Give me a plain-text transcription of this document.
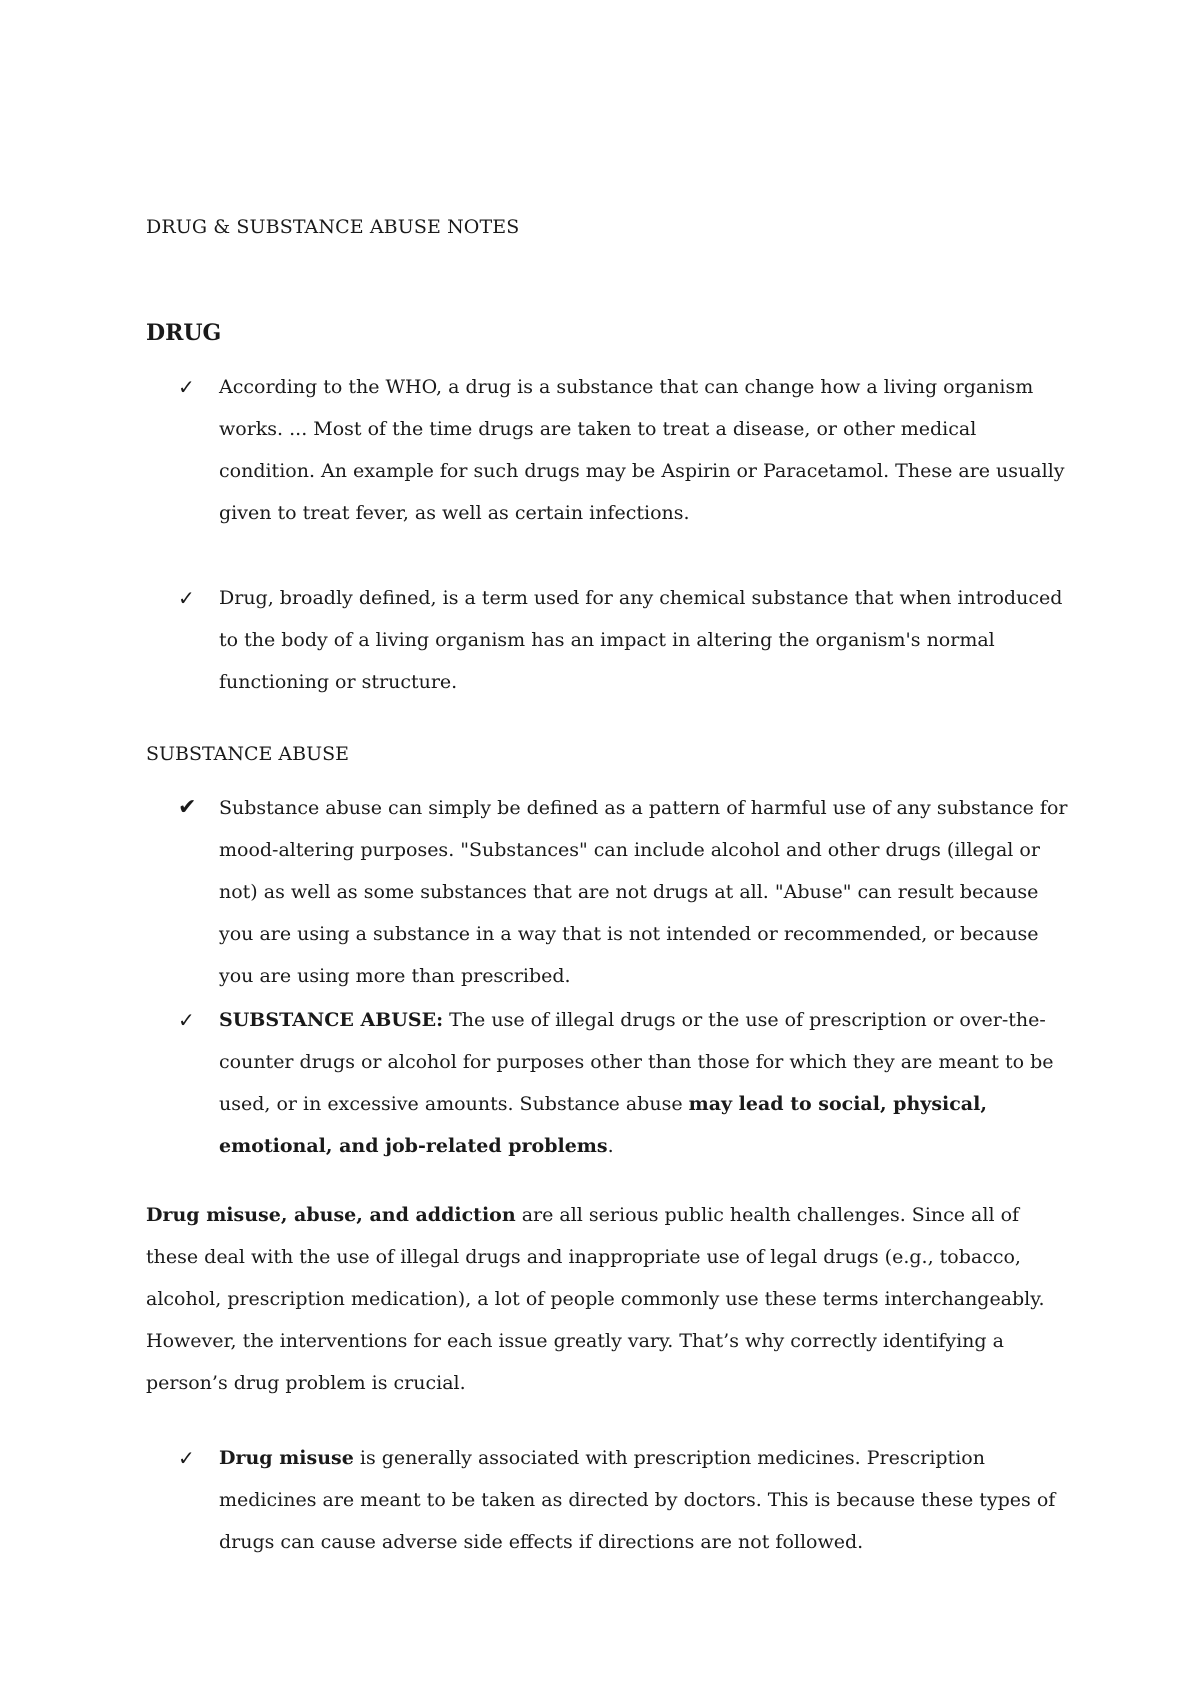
DRUG & SUBSTANCE ABUSE NOTES
DRUG
✓	According to the WHO, a drug is a substance that can change how a living organism works. ... Most of the time drugs are taken to treat a disease, or other medical condition. An example for such drugs may be Aspirin or Paracetamol. These are usually given to treat fever, as well as certain infections.
✓	Drug, broadly defined, is a term used for any chemical substance that when introduced to the body of a living organism has an impact in altering the organism's normal functioning or structure.
SUBSTANCE ABUSE
✔ Substance abuse can simply be defined as a pattern of harmful use of any substance for mood-altering purposes. "Substances" can include alcohol and other drugs (illegal or not) as well as some substances that are not drugs at all. "Abuse" can result because you are using a substance in a way that is not intended or recommended, or because you are using more than prescribed.
✓	SUBSTANCE ABUSE: The use of illegal drugs or the use of prescription or over-the-counter drugs or alcohol for purposes other than those for which they are meant to be used, or in excessive amounts. Substance abuse may lead to social, physical, emotional, and job-related problems.
Drug misuse, abuse, and addiction are all serious public health challenges. Since all of these deal with the use of illegal drugs and inappropriate use of legal drugs (e.g., tobacco, alcohol, prescription medication), a lot of people commonly use these terms interchangeably. However, the interventions for each issue greatly vary. That’s why correctly identifying a person’s drug problem is crucial.
✓	Drug misuse is generally associated with prescription medicines. Prescription medicines are meant to be taken as directed by doctors. This is because these types of drugs can cause adverse side effects if directions are not followed.
